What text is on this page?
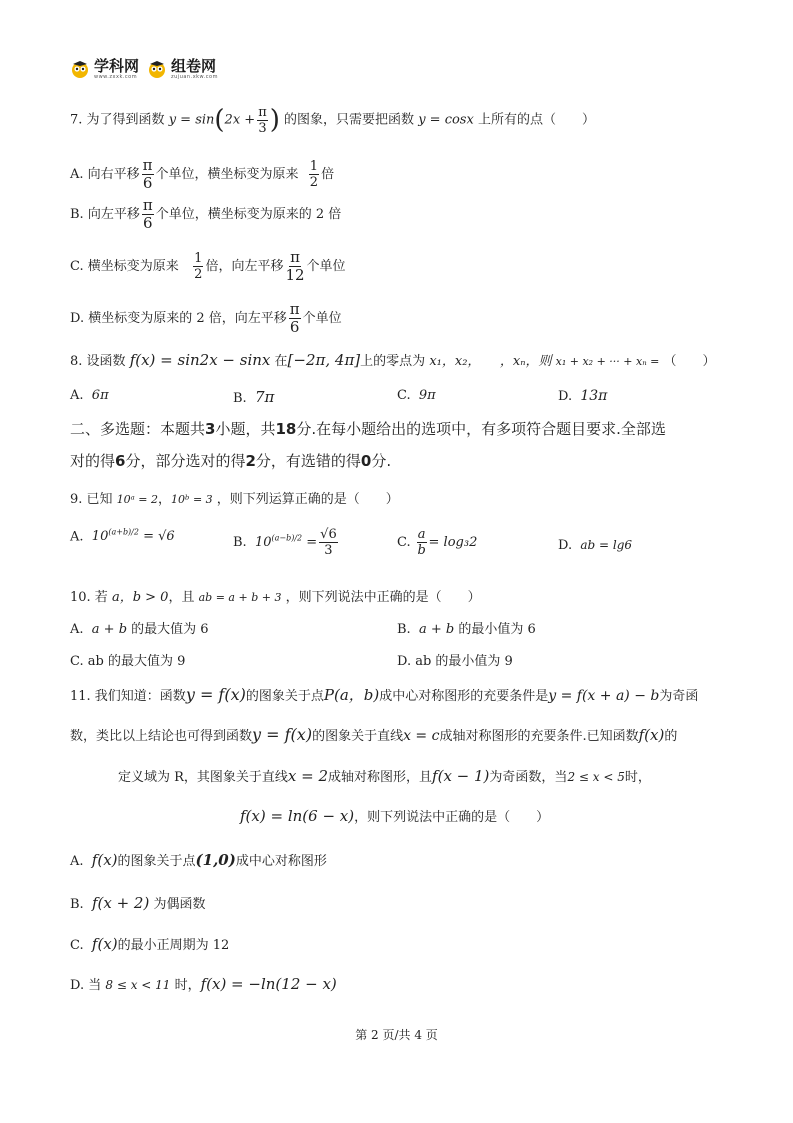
学科网
www.zxxk.com
组卷网
zujuan.xkw.com
7. 为了得到函数 $y = \sin(2x + \frac{\pi}{3}$ ) 的图象，只需要把函数 y = cosx 上所有的点（　　）
A. 向右平移 $\frac{\pi}{6}$ 个单位，横坐标变为原来 $\frac{1}{2}$ 倍
B. 向左平移 $\frac{\pi}{6}$ 个单位，横坐标变为原来的 2 倍
C. 横坐标变为原来 $\frac{1}{2}$ 倍，向左平移 $\frac{\pi}{12}$ 个单位
D. 横坐标变为原来的 2 倍，向左平移 $\frac{\pi}{6}$ 个单位
8. 设函数 f(x) = sin2x − sinx 在[−2π, 4π]上的零点为 x₁，x₂，　　，xₙ，则 x₁ + x₂ + ··· + xₙ = （　　）
A. 6π	B. 7π	C. 9π	D. 13π
二、多选题：本题共3小题，共18分.在每小题给出的选项中，有多项符合题目要求.全部选
对的得6分，部分选对的得2分，有选错的得0分.
9. 已知 10ᵃ = 2，10ᵇ = 3 ，则下列运算正确的是（　　）
A. $10^{(a+b)/2} = √6$	B. $10^{(a-b)/2} = \frac{√6}{3}$	C. $\frac{a}{b} = \log_32$	D. ab = lg6
10. 若 a，b > 0，且 ab = a + b + 3 ，则下列说法中正确的是（　　）
A. a + b 的最大值为 6	B. a + b 的最小值为 6
C. ab 的最大值为 9	D. ab 的最小值为 9
11. 我们知道：函数y = f(x)的图象关于点P(a，b)成中心对称图形的充要条件是y = f(x + a) − b为奇函
数，类比以上结论也可得到函数y = f(x)的图象关于直线x = c成轴对称图形的充要条件.已知函数f(x)的
定义域为 R，其图象关于直线x = 2成轴对称图形，且f(x − 1)为奇函数，当2 ≤ x < 5时，
f(x) = ln(6 − x)，则下列说法中正确的是（　　）
A. f(x)的图象关于点(1,0)成中心对称图形
B. f(x + 2) 为偶函数
C. f(x)的最小正周期为 12
D. 当 8 ≤ x < 11 时，f(x) = −ln(12 − x)
第 2 页/共 4 页
